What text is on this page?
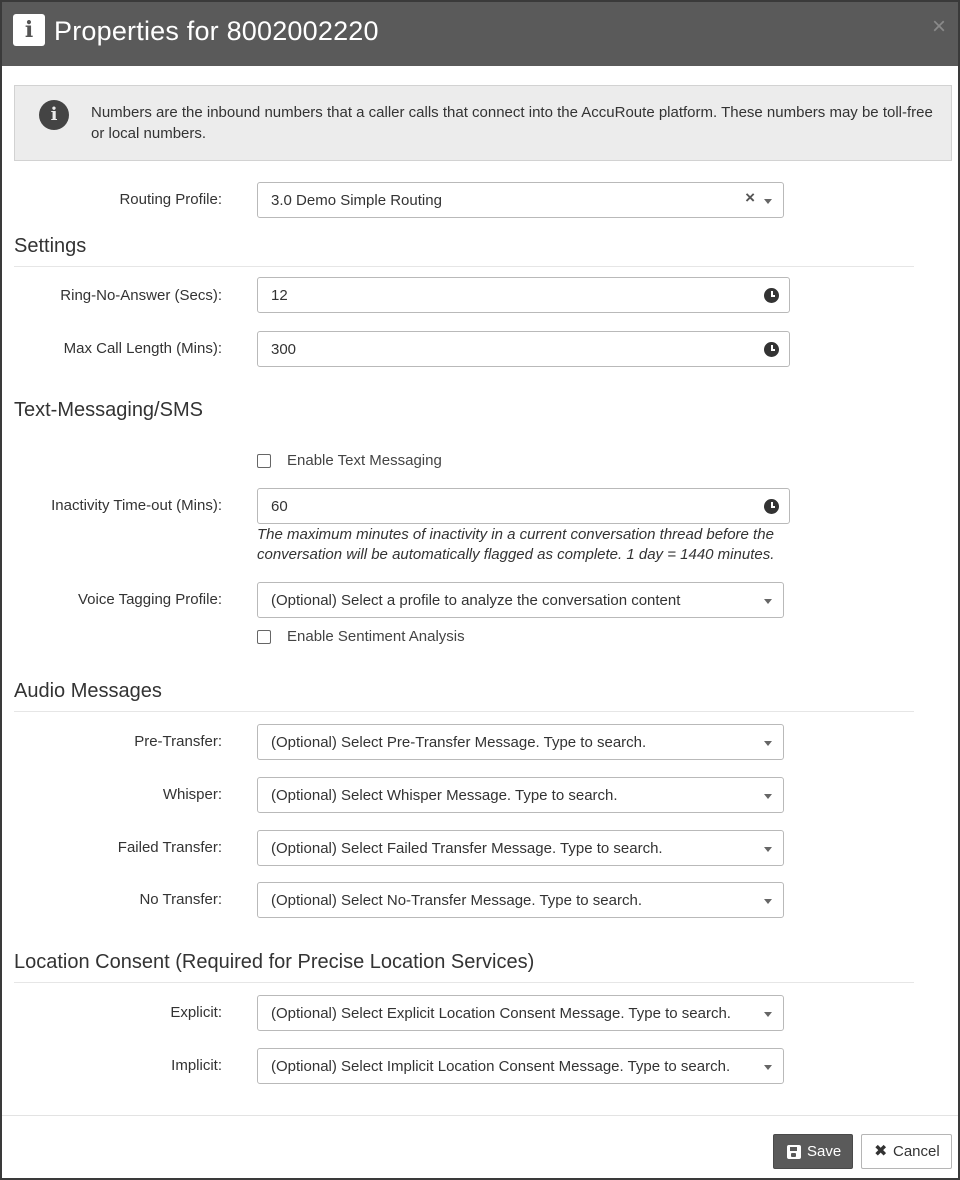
i Properties for 8002002220	×
i	Numbers are the inbound numbers that a caller calls that connect into the AccuRoute platform. These numbers may be toll-free or local numbers.
Routing Profile:	3.0 Demo Simple Routing	×
Settings
Ring-No-Answer (Secs):	12
Max Call Length (Mins):	300
Text-Messaging/SMS
Enable Text Messaging
Inactivity Time-out (Mins):	60
The maximum minutes of inactivity in a current conversation thread before the conversation will be automatically flagged as complete. 1 day = 1440 minutes.
Voice Tagging Profile:	(Optional) Select a profile to analyze the conversation content
Enable Sentiment Analysis
Audio Messages
Pre-Transfer:	(Optional) Select Pre-Transfer Message. Type to search.
Whisper:	(Optional) Select Whisper Message. Type to search.
Failed Transfer:	(Optional) Select Failed Transfer Message. Type to search.
No Transfer:	(Optional) Select No-Transfer Message. Type to search.
Location Consent (Required for Precise Location Services)
Explicit:	(Optional) Select Explicit Location Consent Message. Type to search.
Implicit:	(Optional) Select Implicit Location Consent Message. Type to search.
Save ✖ Cancel
